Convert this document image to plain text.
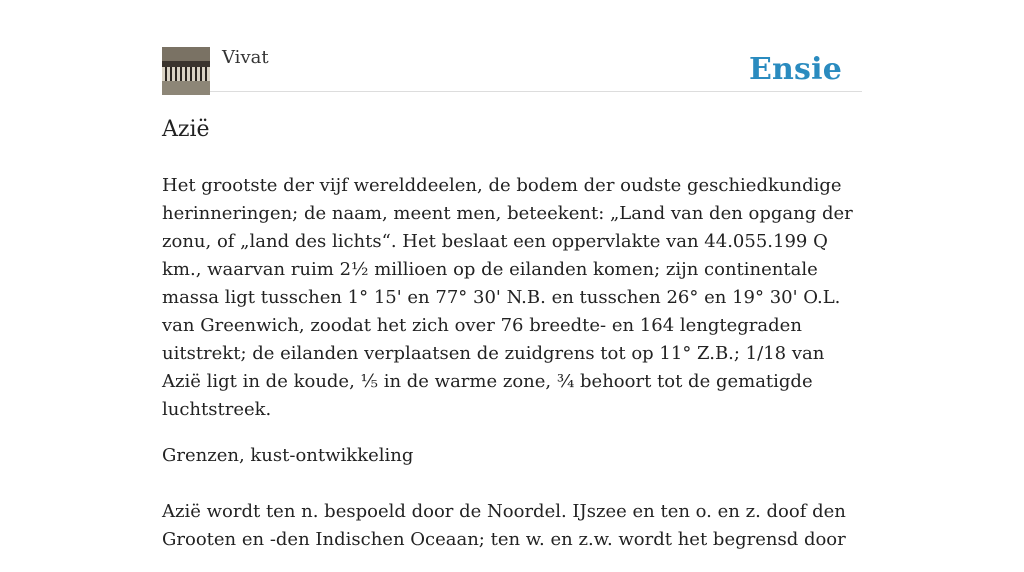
Vivat	Ensie
Azië

Het grootste der vijf werelddeelen, de bodem der oudste geschiedkundige herinneringen; de naam, meent men, beteekent: „Land van den opgang der zonu, of „land des lichts“. Het beslaat een oppervlakte van 44.055.199 Q km., waarvan ruim 2½ millioen op de eilanden komen; zijn continentale massa ligt tusschen 1° 15' en 77° 30' N.B. en tusschen 26° en 19° 30' O.L. van Greenwich, zoodat het zich over 76 breedte- en 164 lengtegraden uitstrekt; de eilanden verplaatsen de zuidgrens tot op 11° Z.B.; 1/18 van Azië ligt in de koude, ⅕ in de warme zone, ¾ behoort tot de gematigde luchtstreek.

Grenzen, kust-ontwikkeling

Azië wordt ten n. bespoeld door de Noordel. IJszee en ten o. en z. doof den Grooten en -den Indischen Oceaan; ten w. en z.w. wordt het begrensd door
